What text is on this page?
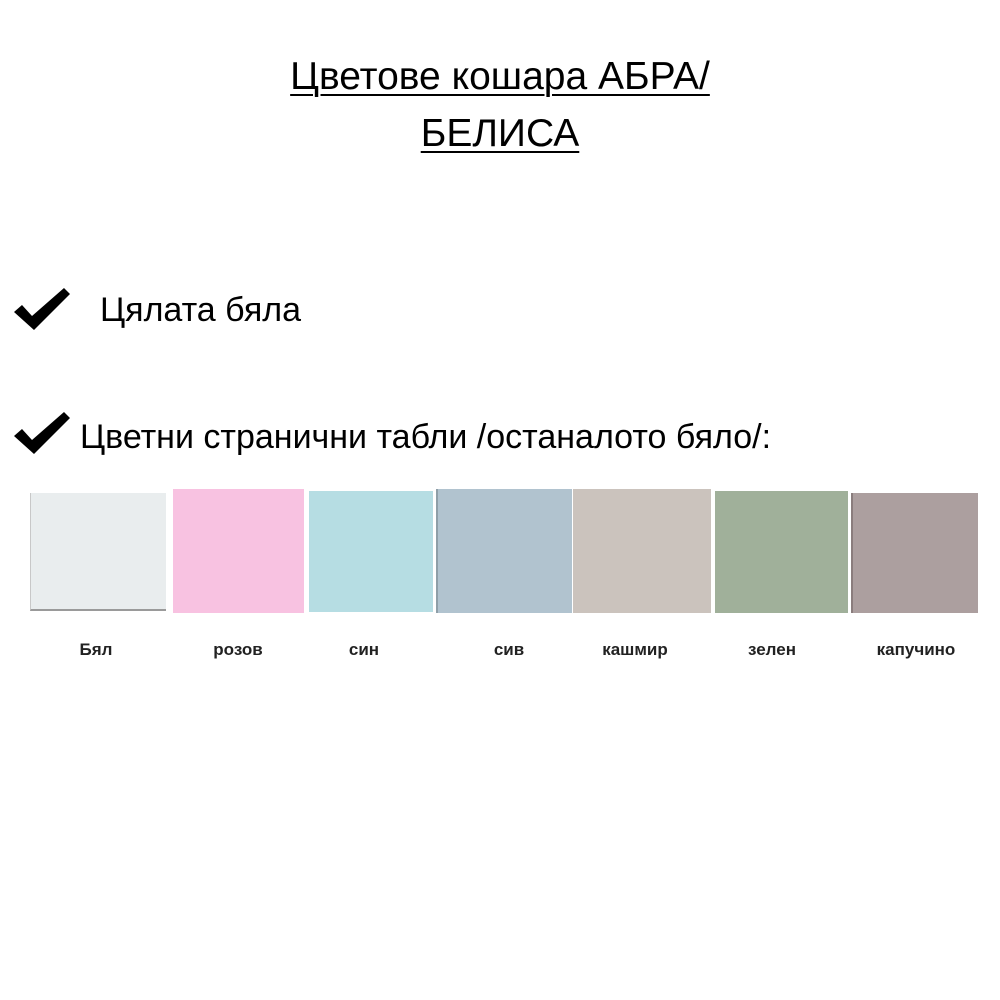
Цветове кошара АБРА/
БЕЛИСА
Цялата бяла
Цветни странични табли /останалото бяло/:
Бял	розов	син	сив	кашмир	зелен	капучино
